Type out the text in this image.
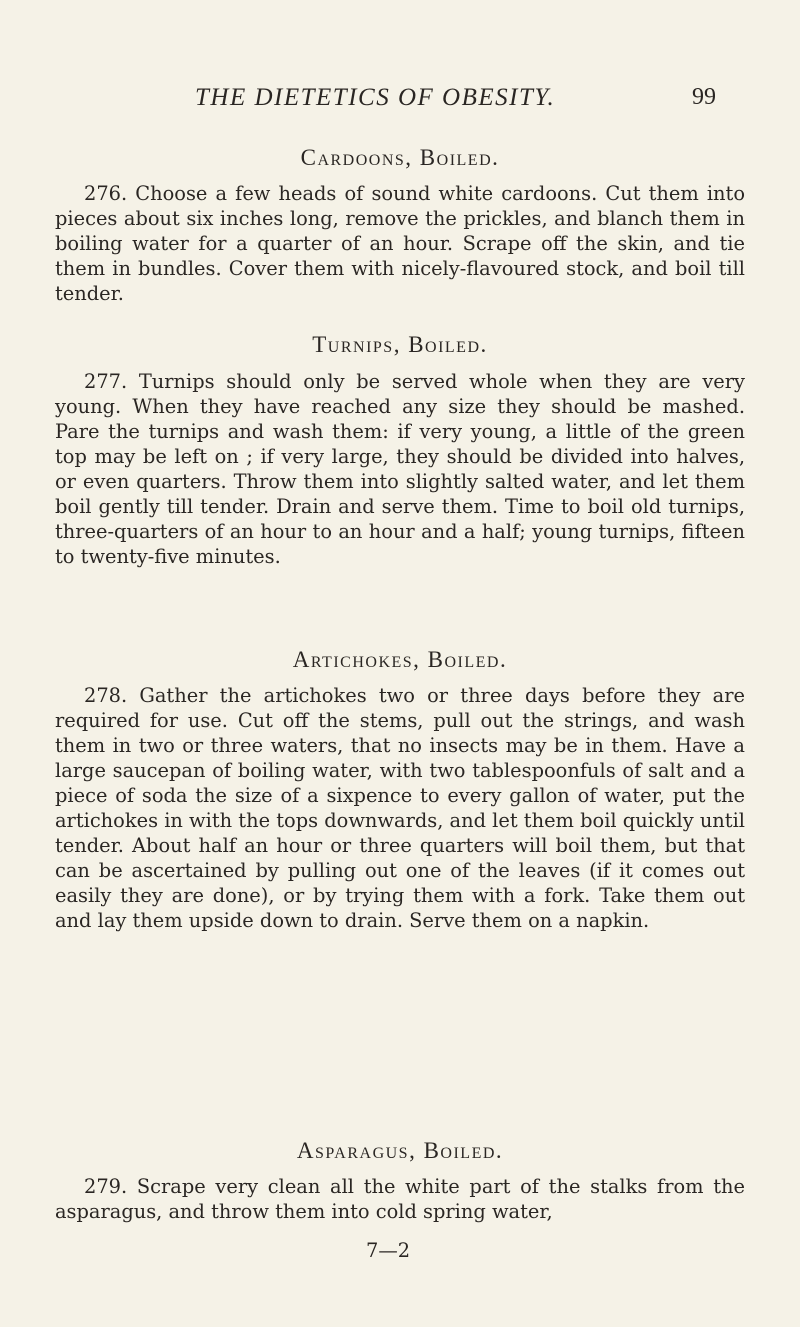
THE DIETETICS OF OBESITY.	99
Cardoons, Boiled.

276. Choose a few heads of sound white cardoons. Cut them into pieces about six inches long, remove the prickles, and blanch them in boiling water for a quarter of an hour. Scrape off the skin, and tie them in bundles. Cover them with nicely-flavoured stock, and boil till tender.

Turnips, Boiled.

277. Turnips should only be served whole when they are very young. When they have reached any size they should be mashed. Pare the turnips and wash them: if very young, a little of the green top may be left on ; if very large, they should be divided into halves, or even quarters. Throw them into slightly salted water, and let them boil gently till tender. Drain and serve them. Time to boil old turnips, three-quarters of an hour to an hour and a half; young turnips, fifteen to twenty-five minutes.

Artichokes, Boiled.

278. Gather the artichokes two or three days before they are required for use. Cut off the stems, pull out the strings, and wash them in two or three waters, that no insects may be in them. Have a large saucepan of boiling water, with two tablespoonfuls of salt and a piece of soda the size of a sixpence to every gallon of water, put the artichokes in with the tops downwards, and let them boil quickly until tender. About half an hour or three quarters will boil them, but that can be ascertained by pulling out one of the leaves (if it comes out easily they are done), or by trying them with a fork. Take them out and lay them upside down to drain. Serve them on a napkin.

Asparagus, Boiled.

279. Scrape very clean all the white part of the stalks from the asparagus, and throw them into cold spring water,

7—2
